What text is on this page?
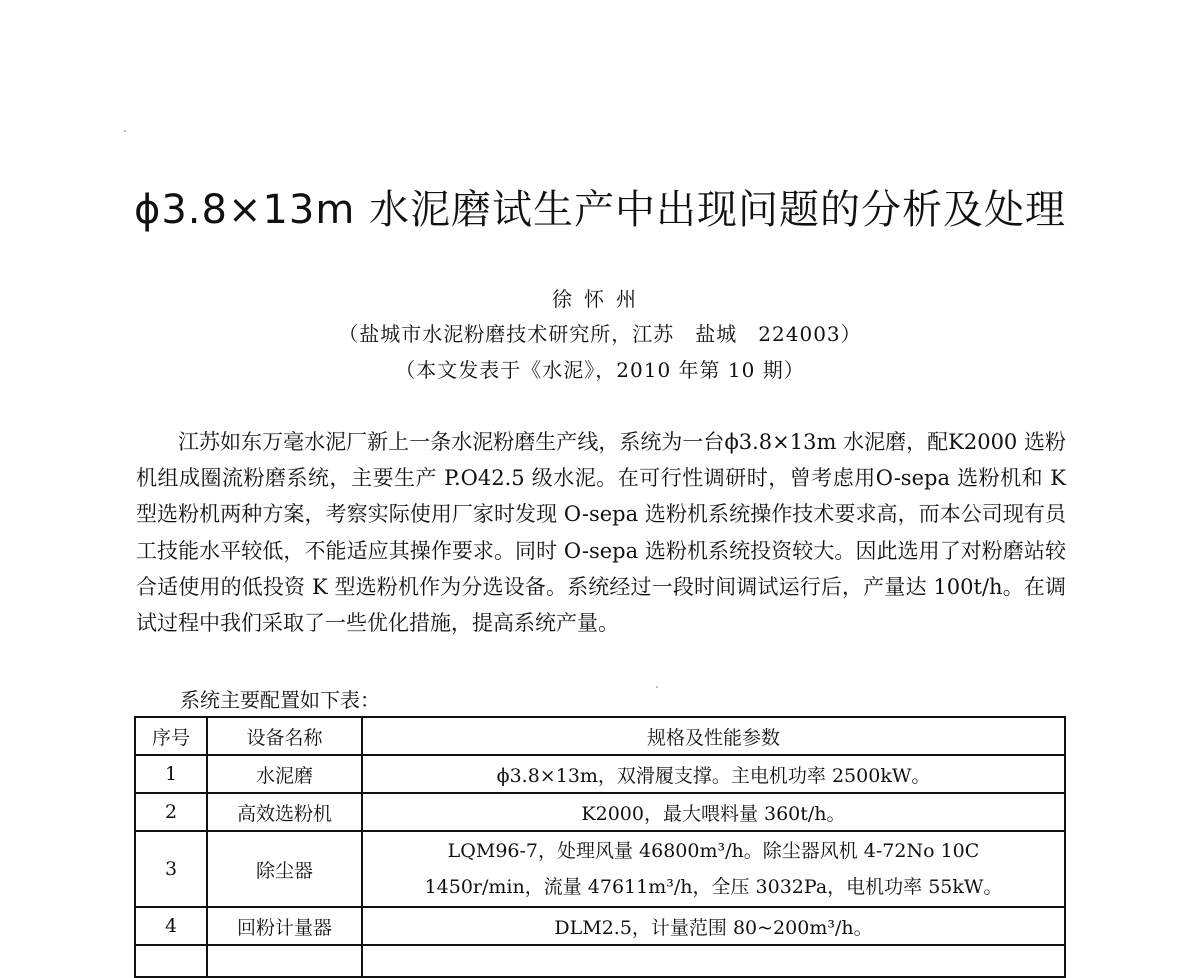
ϕ3.8×13m 水泥磨试生产中出现问题的分析及处理
徐怀州
（盐城市水泥粉磨技术研究所，江苏　盐城　224003）
（本文发表于《水泥》，2010 年第 10 期）

江苏如东万毫水泥厂新上一条水泥粉磨生产线，系统为一台ϕ3.8×13m 水泥磨，配K2000 选粉机组成圈流粉磨系统，主要生产 P.O42.5 级水泥。在可行性调研时，曾考虑用O-sepa 选粉机和 K 型选粉机两种方案，考察实际使用厂家时发现 O-sepa 选粉机系统操作技术要求高，而本公司现有员工技能水平较低，不能适应其操作要求。同时 O-sepa 选粉机系统投资较大。因此选用了对粉磨站较合适使用的低投资 K 型选粉机作为分选设备。系统经过一段时间调试运行后，产量达 100t/h。在调试过程中我们采取了一些优化措施，提高系统产量。

系统主要配置如下表：
序号	设备名称	规格及性能参数
1	水泥磨	ϕ3.8×13m，双滑履支撑。主电机功率 2500kW。
2	高效选粉机	K2000，最大喂料量 360t/h。
3	除尘器	LQM96-7，处理风量 46800m³/h。除尘器风机 4-72No 10C
1450r/min，流量 47611m³/h，全压 3032Pa，电机功率 55kW。

4	回粉计量器	DLM2.5，计量范围 80~200m³/h。
